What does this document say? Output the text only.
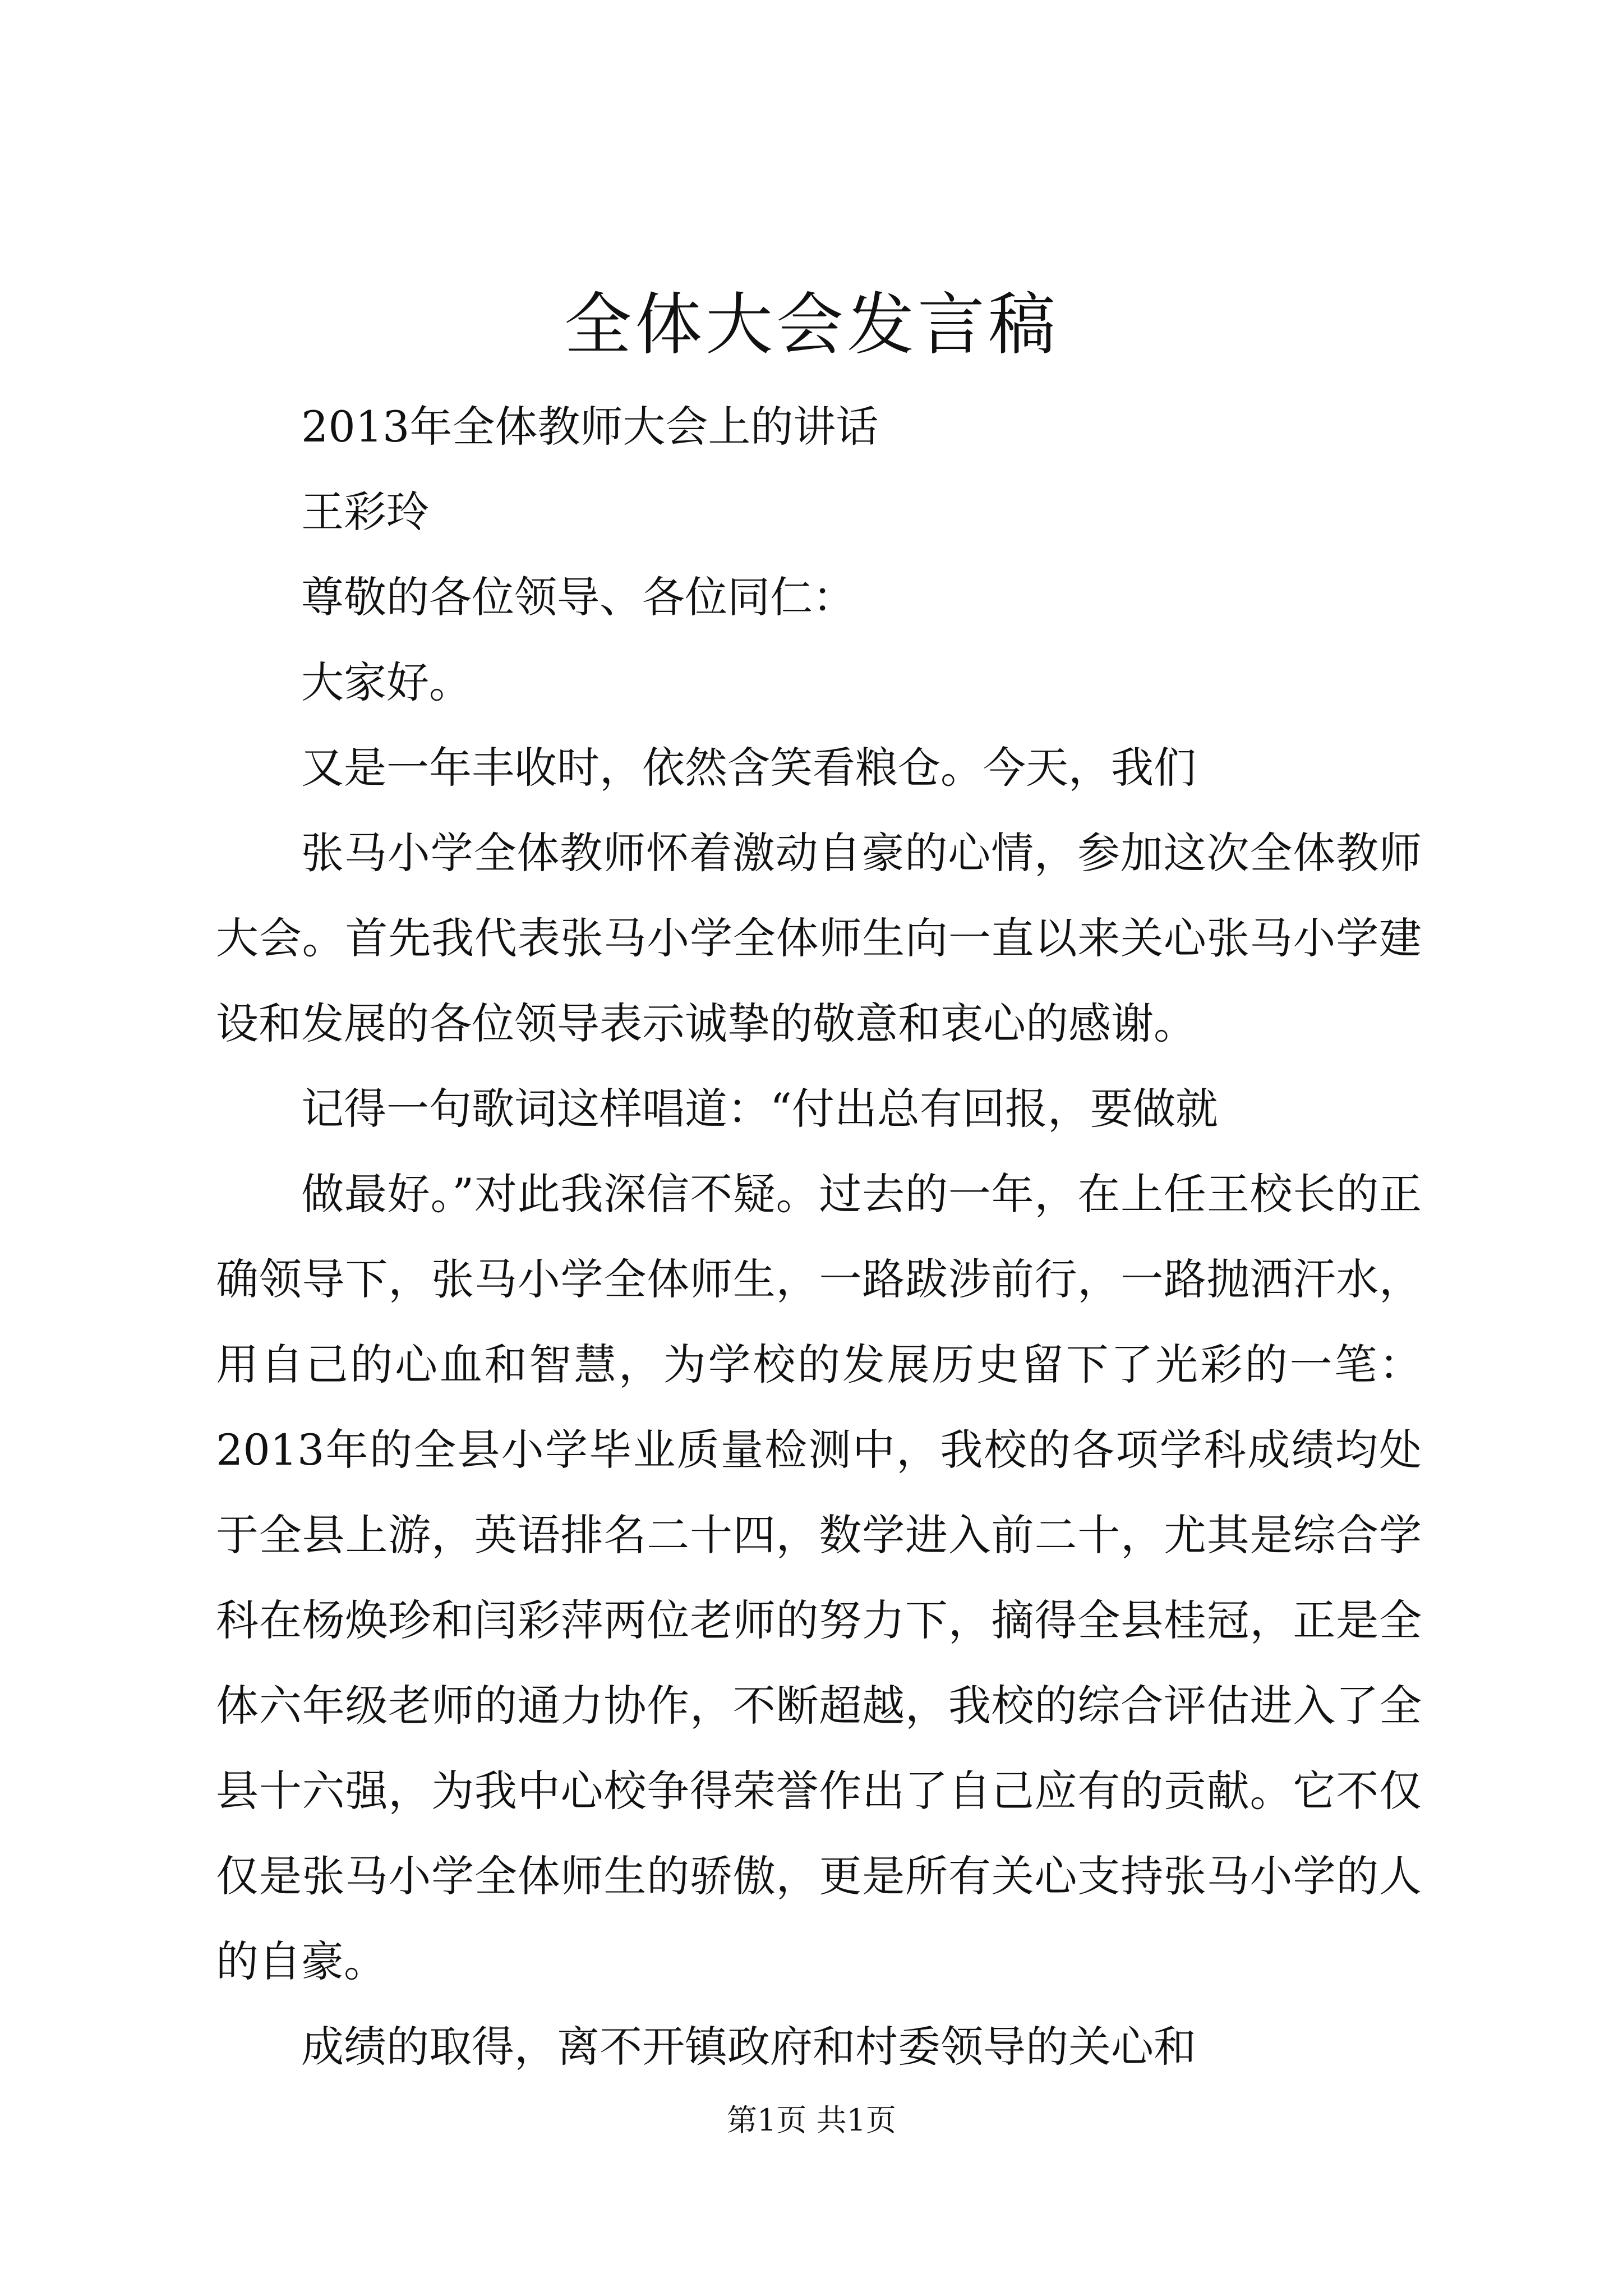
全体大会发言稿

2013年全体教师大会上的讲话

王彩玲

尊敬的各位领导、各位同仁：

大家好。

又是一年丰收时，依然含笑看粮仓。今天，我们

张马小学全体教师怀着激动自豪的心情，参加这次全体教师大会。首先我代表张马小学全体师生向一直以来关心张马小学建设和发展的各位领导表示诚挚的敬意和衷心的感谢。

记得一句歌词这样唱道：“付出总有回报，要做就

做最好。”对此我深信不疑。过去的一年，在上任王校长的正确领导下，张马小学全体师生，一路跋涉前行，一路抛洒汗水，用自己的心血和智慧，为学校的发展历史留下了光彩的一笔：2013年的全县小学毕业质量检测中，我校的各项学科成绩均处于全县上游，英语排名二十四，数学进入前二十，尤其是综合学科在杨焕珍和闫彩萍两位老师的努力下，摘得全县桂冠，正是全体六年级老师的通力协作，不断超越，我校的综合评估进入了全县十六强，为我中心校争得荣誉作出了自己应有的贡献。它不仅仅是张马小学全体师生的骄傲，更是所有关心支持张马小学的人的自豪。

成绩的取得，离不开镇政府和村委领导的关心和

第1页 共1页
